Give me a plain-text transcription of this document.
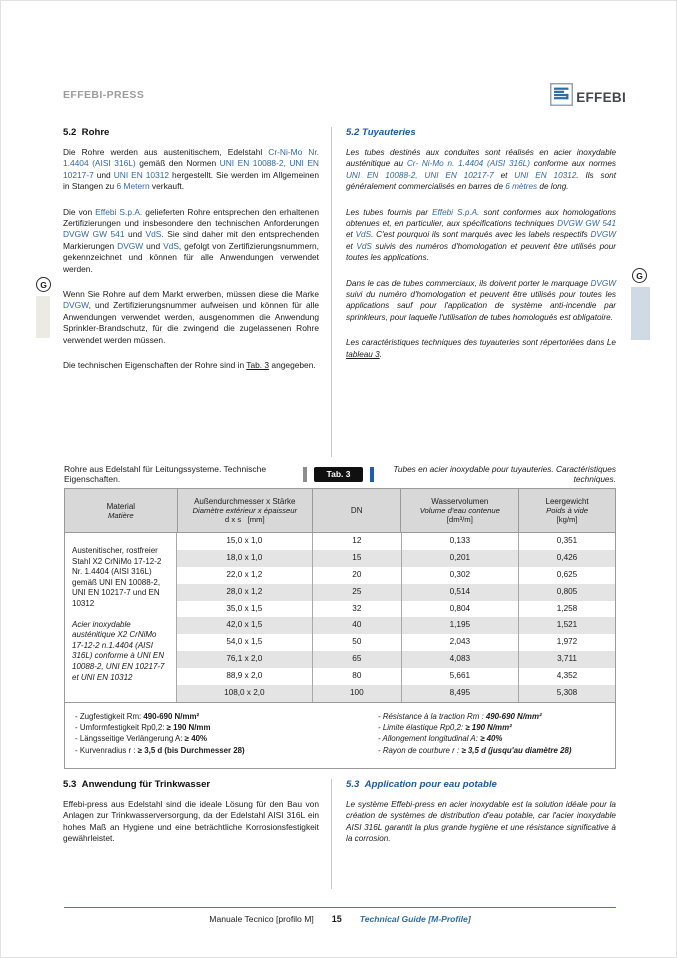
EFFEBI-PRESS	EFFEBI
G
G

5.2  Rohre

Die Rohre werden aus austenitischem, Edelstahl Cr-Ni-Mo Nr. 1.4404 (AISI 316L) gemäß den Normen UNI EN 10088-2, UNI EN 10217-7 und UNI EN 10312 hergestellt. Sie werden im Allgemeinen in Stangen zu 6 Metern verkauft.

Die von Effebi S.p.A. gelieferten Rohre entsprechen den erhaltenen Zertifizierungen und insbesondere den technischen Anforderungen DVGW GW 541 und VdS. Sie sind daher mit den entsprechenden Markierungen DVGW und VdS, gefolgt von Zertifizierungsnummern, gekennzeichnet und können für alle Anwendungen verwendet werden.

Wenn Sie Rohre auf dem Markt erwerben, müssen diese die Marke DVGW, und Zertifizierungsnummer aufweisen und können für alle Anwendungen verwendet werden, ausgenommen die Anwendung Sprinkler-Brandschutz, für die zwingend die zugelassenen Rohre verwendet werden müssen.

Die technischen Eigenschaften der Rohre sind in Tab. 3 angegeben.

5.2 Tuyauteries

Les tubes destinés aux conduites sont réalisés en acier inoxydable austénitique au Cr- Ni-Mo n. 1.4404 (AISI 316L) conforme aux normes UNI EN 10088-2, UNI EN 10217-7 et UNI EN 10312. Ils sont généralement commercialisés en barres de 6 mètres de long.

Les tubes fournis par Effebi S.p.A. sont conformes aux homologations obtenues et, en particulier, aux spécifications techniques DVGW GW 541 et VdS. C'est pourquoi ils sont marqués avec les labels respectifs DVGW et VdS suivis des numéros d'homologation et peuvent être utilisés pour toutes les applications.

Dans le cas de tubes commerciaux, ils doivent porter le marquage DVGW suivi du numéro d'homologation et peuvent être utilisés pour toutes les applications sauf pour l'application de système anti-incendie par sprinkleurs, pour laquelle l'utilisation de tubes homologués est obligatoire.

Les caractéristiques techniques des tuyauteries sont répertoriées dans Le tableau 3.

Rohre aus Edelstahl für Leitungssysteme. Technische Eigenschaften.
Tab. 3	Tubes en acier inoxydable pour tuyauteries. Caractéristiques techniques.
Material
Matière
Außendurchmesser x Stärke
Diamètre extérieur x épaisseur
d x s   [mm]
DN
Wasservolumen
Volume d'eau contenue
[dm³/m]
Leergewicht
Poids à vide
[kg/m]
Austenitischer, rostfreier Stahl X2 CrNiMo 17-12-2 Nr. 1.4404 (AISI 316L) gemäß UNI EN 10088-2, UNI EN 10217-7 und EN 10312
Acier inoxydable austénitique X2 CrNiMo 17-12-2 n.1.4404 (AISI 316L) conforme à UNI EN 10088-2, UNI EN 10217-7 et UNI EN 10312
15,0 x 1,0	12	0,133	0,351
18,0 x 1,0	15	0,201	0,426
22,0 x 1,2	20	0,302	0,625
28,0 x 1,2	25	0,514	0,805
35,0 x 1,5	32	0,804	1,258
42,0 x 1,5	40	1,195	1,521
54,0 x 1,5	50	2,043	1,972
76,1 x 2,0	65	4,083	3,711
88,9 x 2,0	80	5,661	4,352
108,0 x 2,0	100	8,495	5,308
- Zugfestigkeit Rm: 490-690 N/mm²
- Umformfestigkeit Rp0,2: ≥ 190 N/mm
- Längsseitige Verlängerung A: ≥ 40%
- Kurvenradius r : ≥ 3,5 d (bis Durchmesser 28)
- Résistance à la traction Rm : 490-690 N/mm²
- Limite élastique Rp0,2: ≥ 190 N/mm²
- Allongement longitudinal A: ≥ 40%
- Rayon de courbure r : ≥ 3,5 d (jusqu'au diamètre 28)

5.3  Anwendung für Trinkwasser

Effebi-press aus Edelstahl sind die ideale Lösung für den Bau von Anlagen zur Trinkwasserversorgung, da der Edelstahl AISI 316L ein hohes Maß an Hygiene und eine beträchtliche Korrosionsfestigkeit gewährleistet.

5.3  Application pour eau potable

Le système Effebi-press en acier inoxydable est la solution idéale pour la création de systèmes de distribution d'eau potable, car l'acier inoxydable AISI 316L garantit la plus grande hygiène et une résistance significative à la corrosion.

Manuale Tecnico [profilo M] 15 Technical Guide [M-Profile]
